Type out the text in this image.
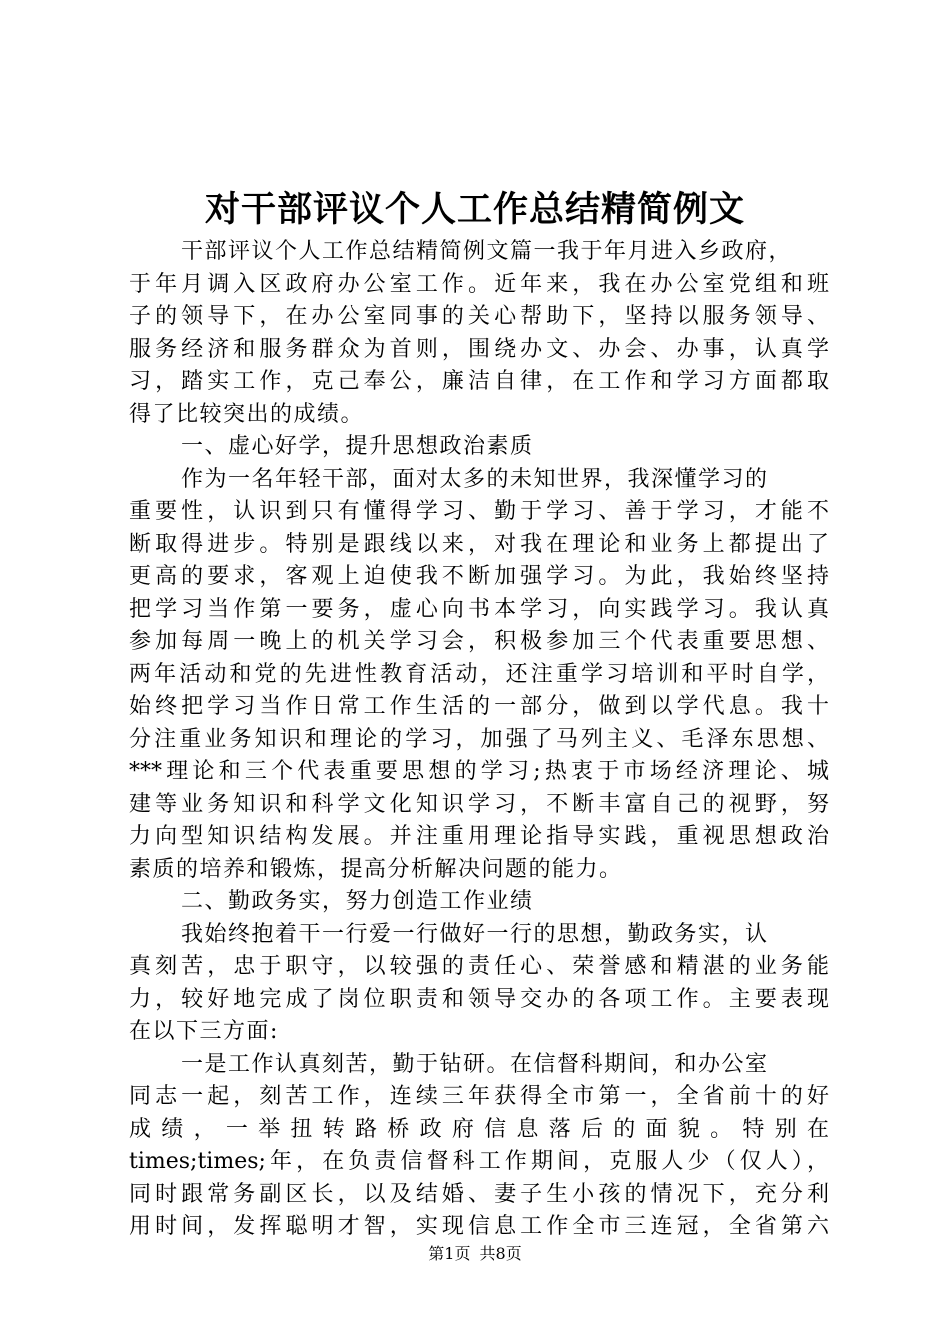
对干部评议个人工作总结精简例文
干部评议个人工作总结精简例文篇一我于年月进入乡政府，
于年月调入区政府办公室工作。近年来，我在办公室党组和班
子的领导下，在办公室同事的关心帮助下，坚持以服务领导、
服务经济和服务群众为首则，围绕办文、办会、办事，认真学
习，踏实工作，克己奉公，廉洁自律，在工作和学习方面都取
得了比较突出的成绩。
一、虚心好学，提升思想政治素质
作为一名年轻干部，面对太多的未知世界，我深懂学习的
重要性，认识到只有懂得学习、勤于学习、善于学习，才能不
断取得进步。特别是跟线以来，对我在理论和业务上都提出了
更高的要求，客观上迫使我不断加强学习。为此，我始终坚持
把学习当作第一要务，虚心向书本学习，向实践学习。我认真
参加每周一晚上的机关学习会，积极参加三个代表重要思想、
两年活动和党的先进性教育活动，还注重学习培训和平时自学，
始终把学习当作日常工作生活的一部分，做到以学代息。我十
分注重业务知识和理论的学习，加强了马列主义、毛泽东思想、
***理论和三个代表重要思想的学习;热衷于市场经济理论、城
建等业务知识和科学文化知识学习，不断丰富自己的视野，努
力向型知识结构发展。并注重用理论指导实践，重视思想政治
素质的培养和锻炼，提高分析解决问题的能力。
二、勤政务实，努力创造工作业绩
我始终抱着干一行爱一行做好一行的思想，勤政务实，认
真刻苦，忠于职守，以较强的责任心、荣誉感和精湛的业务能
力，较好地完成了岗位职责和领导交办的各项工作。主要表现
在以下三方面:
一是工作认真刻苦，勤于钻研。在信督科期间，和办公室
同志一起，刻苦工作，连续三年获得全市第一，全省前十的好
成绩，一举扭转路桥政府信息落后的面貌。特别在
times;times;年，在负责信督科工作期间，克服人少（仅人），
同时跟常务副区长，以及结婚、妻子生小孩的情况下，充分利
用时间，发挥聪明才智，实现信息工作全市三连冠，全省第六
第1页 共8页
